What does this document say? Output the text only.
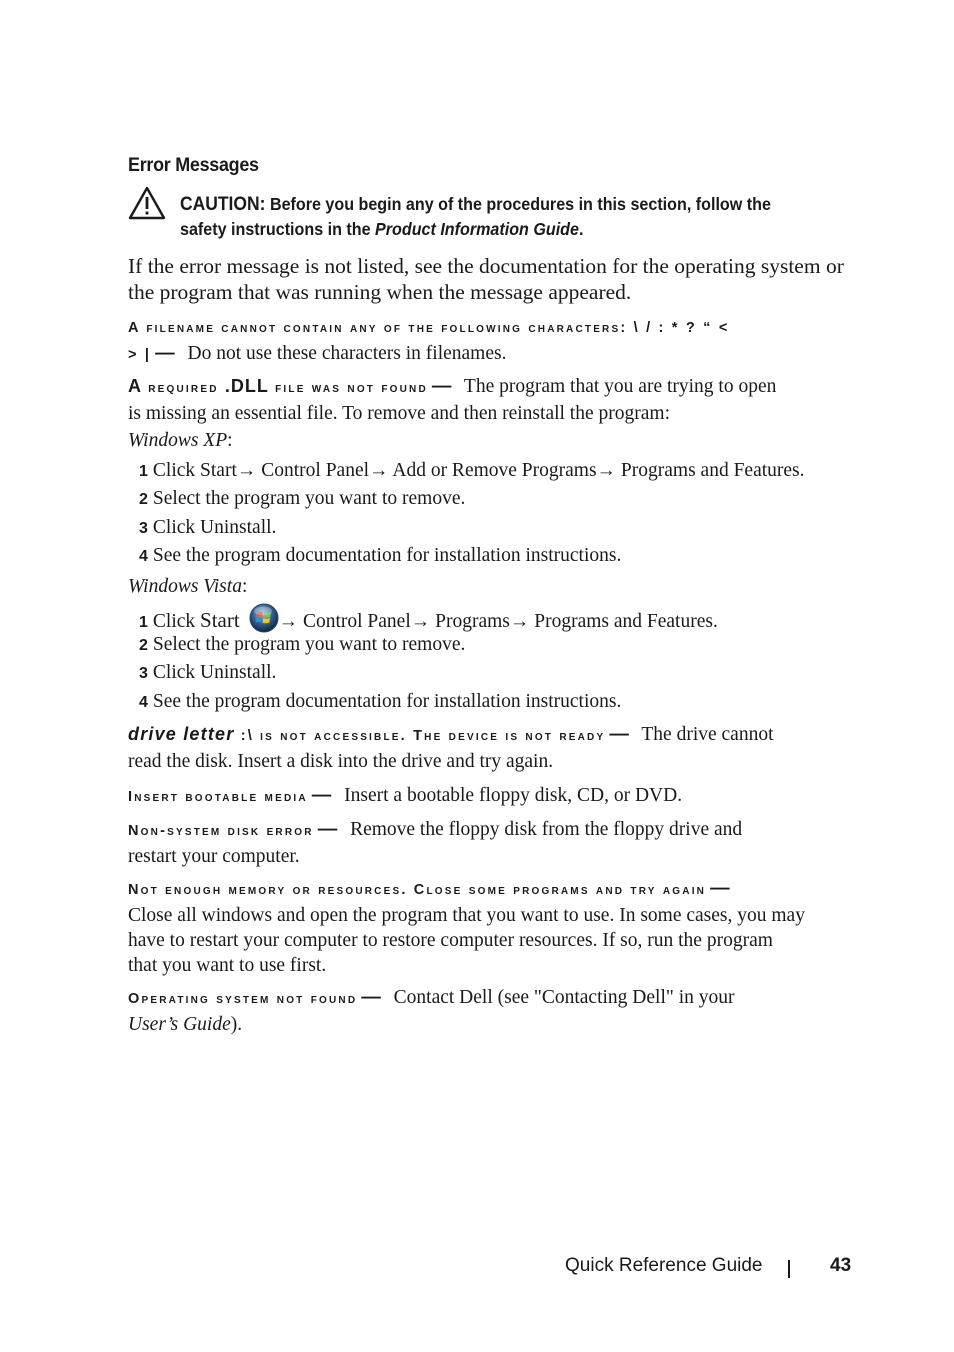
Error Messages
CAUTION: Before you begin any of the procedures in this section, follow the safety instructions in the Product Information Guide.
If the error message is not listed, see the documentation for the operating system or the program that was running when the message appeared.
A filename cannot contain any of the following characters: \ / : * ? “ <
> | — Do not use these characters in filenames.
A required .DLL file was not found — The program that you are trying to open
is missing an essential file. To remove and then reinstall the program:
Windows XP:
1 Click Start→ Control Panel→ Add or Remove Programs→ Programs and Features.
2 Select the program you want to remove.
3 Click Uninstall.
4 See the program documentation for installation instructions.
Windows Vista:
1 Click Start → Control Panel→ Programs→ Programs and Features.
2 Select the program you want to remove.
3 Click Uninstall.
4 See the program documentation for installation instructions.
drive letter :\ is not accessible. The device is not ready — The drive cannot
read the disk. Insert a disk into the drive and try again.
Insert bootable media — Insert a bootable floppy disk, CD, or DVD.
Non-system disk error — Remove the floppy disk from the floppy drive and
restart your computer.
Not enough memory or resources. Close some programs and try again —
Close all windows and open the program that you want to use. In some cases, you may
have to restart your computer to restore computer resources. If so, run the program
that you want to use first.
Operating system not found — Contact Dell (see "Contacting Dell" in your
User’s Guide).
Quick Reference Guide	43
